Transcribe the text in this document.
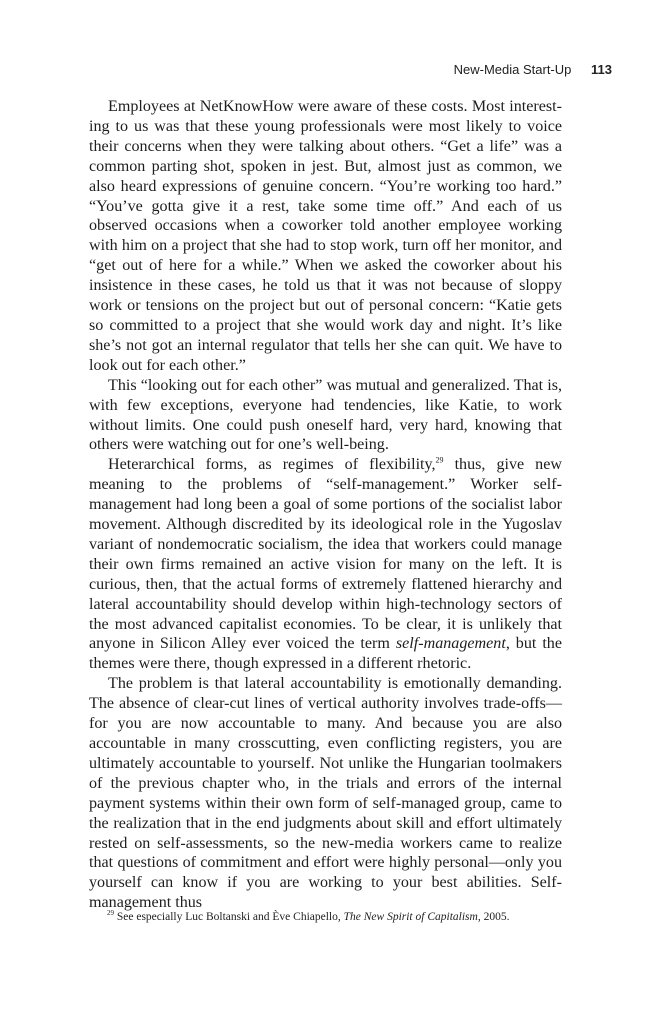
New-Media Start-Up 113

Employees at NetKnowHow were aware of these costs. Most interesting to us was that these young professionals were most likely to voice their concerns when they were talking about others. “Get a life” was a common parting shot, spoken in jest. But, almost just as common, we also heard expressions of genuine concern. “You’re working too hard.” “You’ve gotta give it a rest, take some time off.” And each of us observed occasions when a coworker told another employee working with him on a project that she had to stop work, turn off her monitor, and “get out of here for a while.” When we asked the coworker about his insistence in these cases, he told us that it was not because of sloppy work or tensions on the project but out of personal concern: “Katie gets so committed to a project that she would work day and night. It’s like she’s not got an internal regulator that tells her she can quit. We have to look out for each other.”

This “looking out for each other” was mutual and generalized. That is, with few exceptions, everyone had tendencies, like Katie, to work without limits. One could push oneself hard, very hard, knowing that others were watching out for one’s well-being.

Heterarchical forms, as regimes of flexibility,$^{29}$ thus, give new meaning to the problems of “self-management.” Worker self-management had long been a goal of some portions of the socialist labor movement. Although discredited by its ideological role in the Yugoslav variant of nondemocratic socialism, the idea that workers could manage their own firms remained an active vision for many on the left. It is curious, then, that the actual forms of extremely flattened hierarchy and lateral accountability should develop within high-technology sectors of the most advanced capitalist economies. To be clear, it is unlikely that anyone in Silicon Alley ever voiced the term self-management, but the themes were there, though expressed in a different rhetoric.

The problem is that lateral accountability is emotionally demanding. The absence of clear-cut lines of vertical authority involves trade-offs—for you are now accountable to many. And because you are also accountable in many crosscutting, even conflicting registers, you are ultimately accountable to yourself. Not unlike the Hungarian toolmakers of the previous chapter who, in the trials and errors of the internal payment systems within their own form of self-managed group, came to the realization that in the end judgments about skill and effort ultimately rested on self-assessments, so the new-media workers came to realize that questions of commitment and effort were highly personal—only you yourself can know if you are working to your best abilities. Self-management thus

$^{29}$ See especially Luc Boltanski and Ève Chiapello, The New Spirit of Capitalism, 2005.
